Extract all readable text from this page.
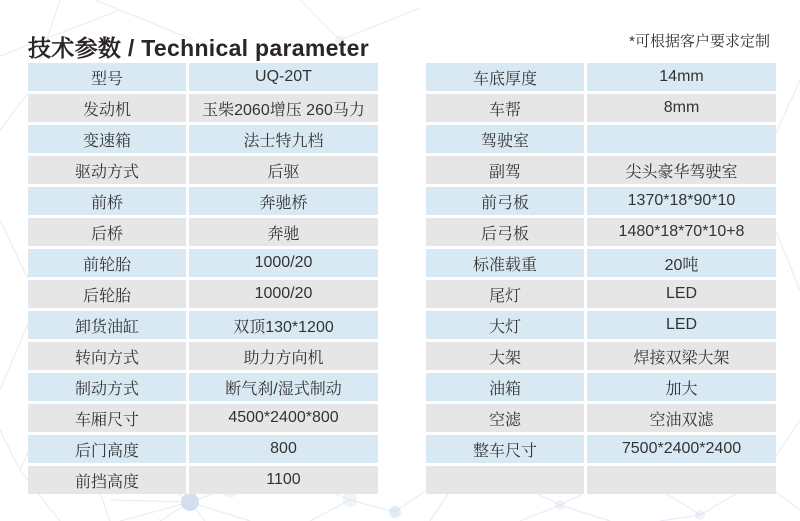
技术参数 / Technical parameter	*可根据客户要求定制
型号	UQ-20T
发动机	玉柴2060增压 260马力
变速箱	法士特九档
驱动方式	后驱
前桥	奔驰桥
后桥	奔驰
前轮胎	1000/20
后轮胎	1000/20
卸货油缸	双顶130*1200
转向方式	助力方向机
制动方式	断气刹/湿式制动
车厢尺寸	4500*2400*800
后门高度	800
前挡高度	1100
车底厚度	14mm
车帮	8mm
驾驶室
副驾	尖头豪华驾驶室
前弓板	1370*18*90*10
后弓板	1480*18*70*10+8
标准载重	20吨
尾灯	LED
大灯	LED
大架	焊接双梁大架
油箱	加大
空滤	空油双滤
整车尺寸	7500*2400*2400
